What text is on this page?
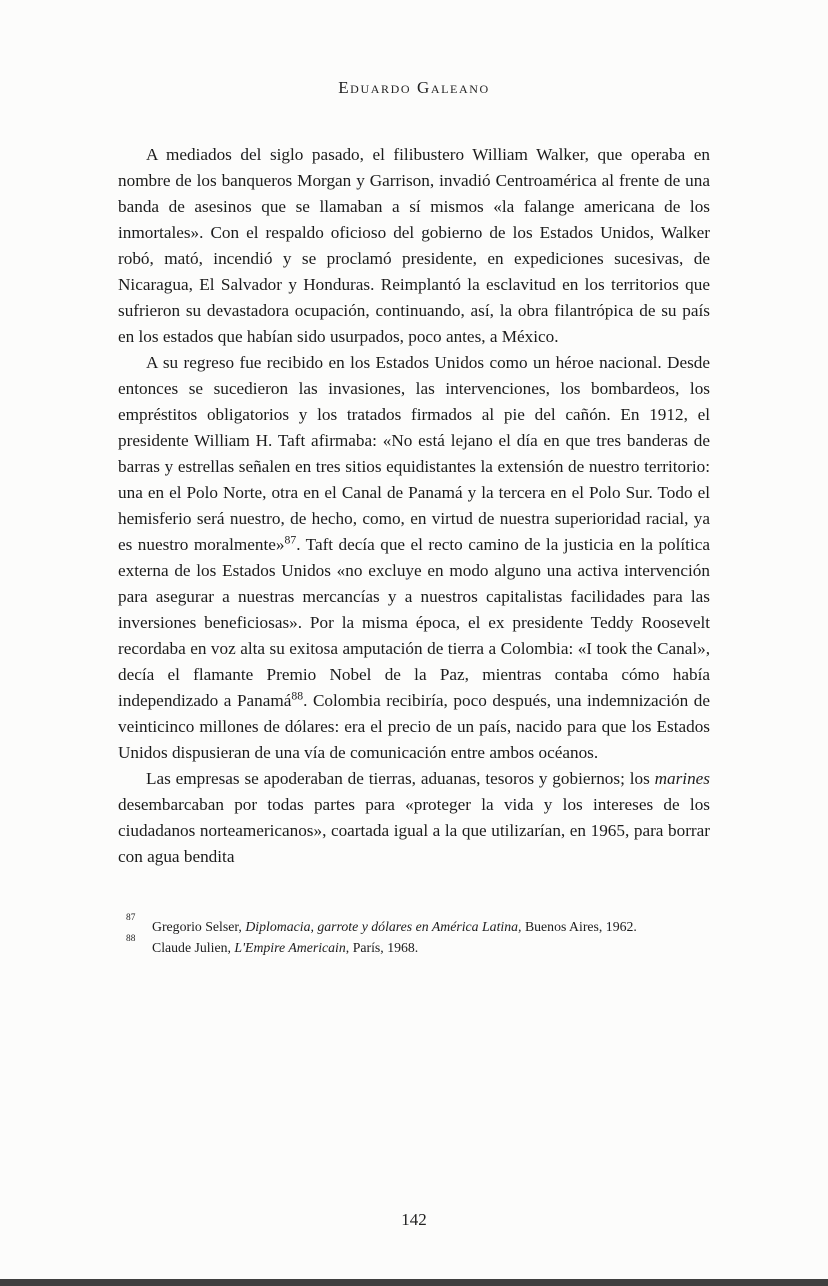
Eduardo Galeano

A mediados del siglo pasado, el filibustero William Walker, que operaba en nombre de los banqueros Morgan y Garrison, invadió Centroamérica al frente de una banda de asesinos que se llamaban a sí mismos «la falange americana de los inmortales». Con el respaldo oficioso del gobierno de los Estados Unidos, Walker robó, mató, incendió y se proclamó presidente, en expediciones sucesivas, de Nicaragua, El Salvador y Honduras. Reimplantó la esclavitud en los territorios que sufrieron su devastadora ocupación, continuando, así, la obra filantrópica de su país en los estados que habían sido usurpados, poco antes, a México.

A su regreso fue recibido en los Estados Unidos como un héroe nacional. Desde entonces se sucedieron las invasiones, las intervenciones, los bombardeos, los empréstitos obligatorios y los tratados firmados al pie del cañón. En 1912, el presidente William H. Taft afirmaba: «No está lejano el día en que tres banderas de barras y estrellas señalen en tres sitios equidistantes la extensión de nuestro territorio: una en el Polo Norte, otra en el Canal de Panamá y la tercera en el Polo Sur. Todo el hemisferio será nuestro, de hecho, como, en virtud de nuestra superioridad racial, ya es nuestro moralmente»$^{87}$. Taft decía que el recto camino de la justicia en la política externa de los Estados Unidos «no excluye en modo alguno una activa intervención para asegurar a nuestras mercancías y a nuestros capitalistas facilidades para las inversiones beneficiosas». Por la misma época, el ex presidente Teddy Roosevelt recordaba en voz alta su exitosa amputación de tierra a Colombia: «I took the Canal», decía el flamante Premio Nobel de la Paz, mientras contaba cómo había independizado a Panamá$^{88}$. Colombia recibiría, poco después, una indemnización de veinticinco millones de dólares: era el precio de un país, nacido para que los Estados Unidos dispusieran de una vía de comunicación entre ambos océanos.

Las empresas se apoderaban de tierras, aduanas, tesoros y gobiernos; los marines desembarcaban por todas partes para «proteger la vida y los intereses de los ciudadanos norteamericanos», coartada igual a la que utilizarían, en 1965, para borrar con agua bendita

87
Gregorio Selser, Diplomacia, garrote y dólares en América Latina, Buenos Aires, 1962.
88
Claude Julien, L'Empire Americain, París, 1968.
142
